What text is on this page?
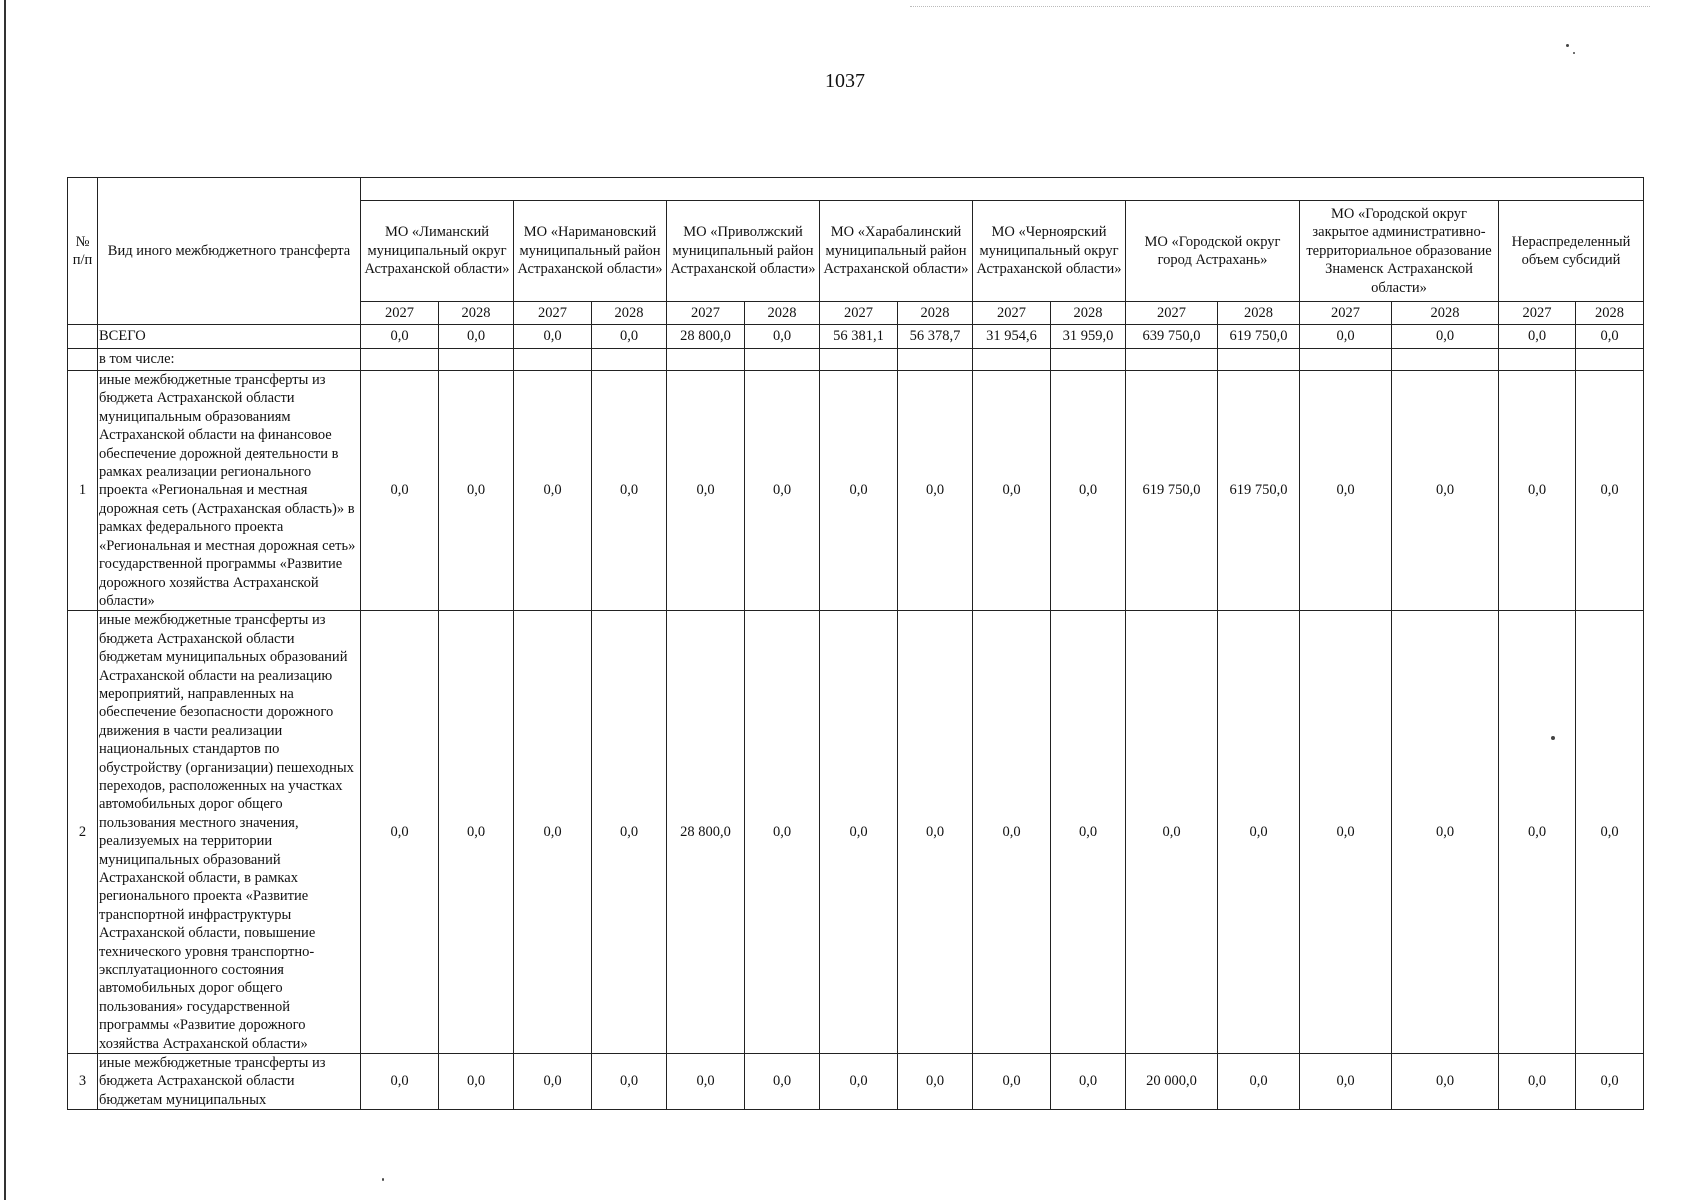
1037
№ п/п	Вид иного межбюджетного трансферта																
		МО «Лиманский муниципальный округ Астраханской области»		МО «Наримановский муниципальный район Астраханской области»		МО «Приволжский муниципальный район Астраханской области»		МО «Харабалинский муниципальный район Астраханской области»		МО «Черноярский муниципальный округ Астраханской области»		МО «Городской округ город Астрахань»		МО «Городской округ закрытое административно-территориальное образование Знаменск Астраханской области»		Нераспределенный объем субсидий	
		2027	2028	2027	2028	2027	2028	2027	2028	2027	2028	2027	2028	2027	2028	2027	2028
	ВСЕГО	0,0	0,0	0,0	0,0	28 800,0	0,0	56 381,1	56 378,7	31 954,6	31 959,0	639 750,0	619 750,0	0,0	0,0	0,0	0,0
	в том числе:																
1	иные межбюджетные трансферты из бюджета Астраханской области муниципальным образованиям Астраханской области на финансовое обеспечение дорожной деятельности в рамках реализации регионального проекта «Региональная и местная дорожная сеть (Астраханская область)» в рамках федерального проекта «Региональная и местная дорожная сеть» государственной программы «Развитие дорожного хозяйства Астраханской области»	0,0	0,0	0,0	0,0	0,0	0,0	0,0	0,0	0,0	0,0	619 750,0	619 750,0	0,0	0,0	0,0	0,0
2	иные межбюджетные трансферты из бюджета Астраханской области бюджетам муниципальных образований Астраханской области на реализацию мероприятий, направленных на обеспечение безопасности дорожного движения в части реализации национальных стандартов по обустройству (организации) пешеходных переходов, расположенных на участках автомобильных дорог общего пользования местного значения, реализуемых на территории муниципальных образований Астраханской области, в рамках регионального проекта «Развитие транспортной инфраструктуры Астраханской области, повышение технического уровня транспортно-эксплуатационного состояния автомобильных дорог общего пользования» государственной программы «Развитие дорожного хозяйства Астраханской области»	0,0	0,0	0,0	0,0	28 800,0	0,0	0,0	0,0	0,0	0,0	0,0	0,0	0,0	0,0	0,0	0,0
3	иные межбюджетные трансферты из бюджета Астраханской области бюджетам муниципальных	0,0	0,0	0,0	0,0	0,0	0,0	0,0	0,0	0,0	0,0	20 000,0	0,0	0,0	0,0	0,0	0,0
